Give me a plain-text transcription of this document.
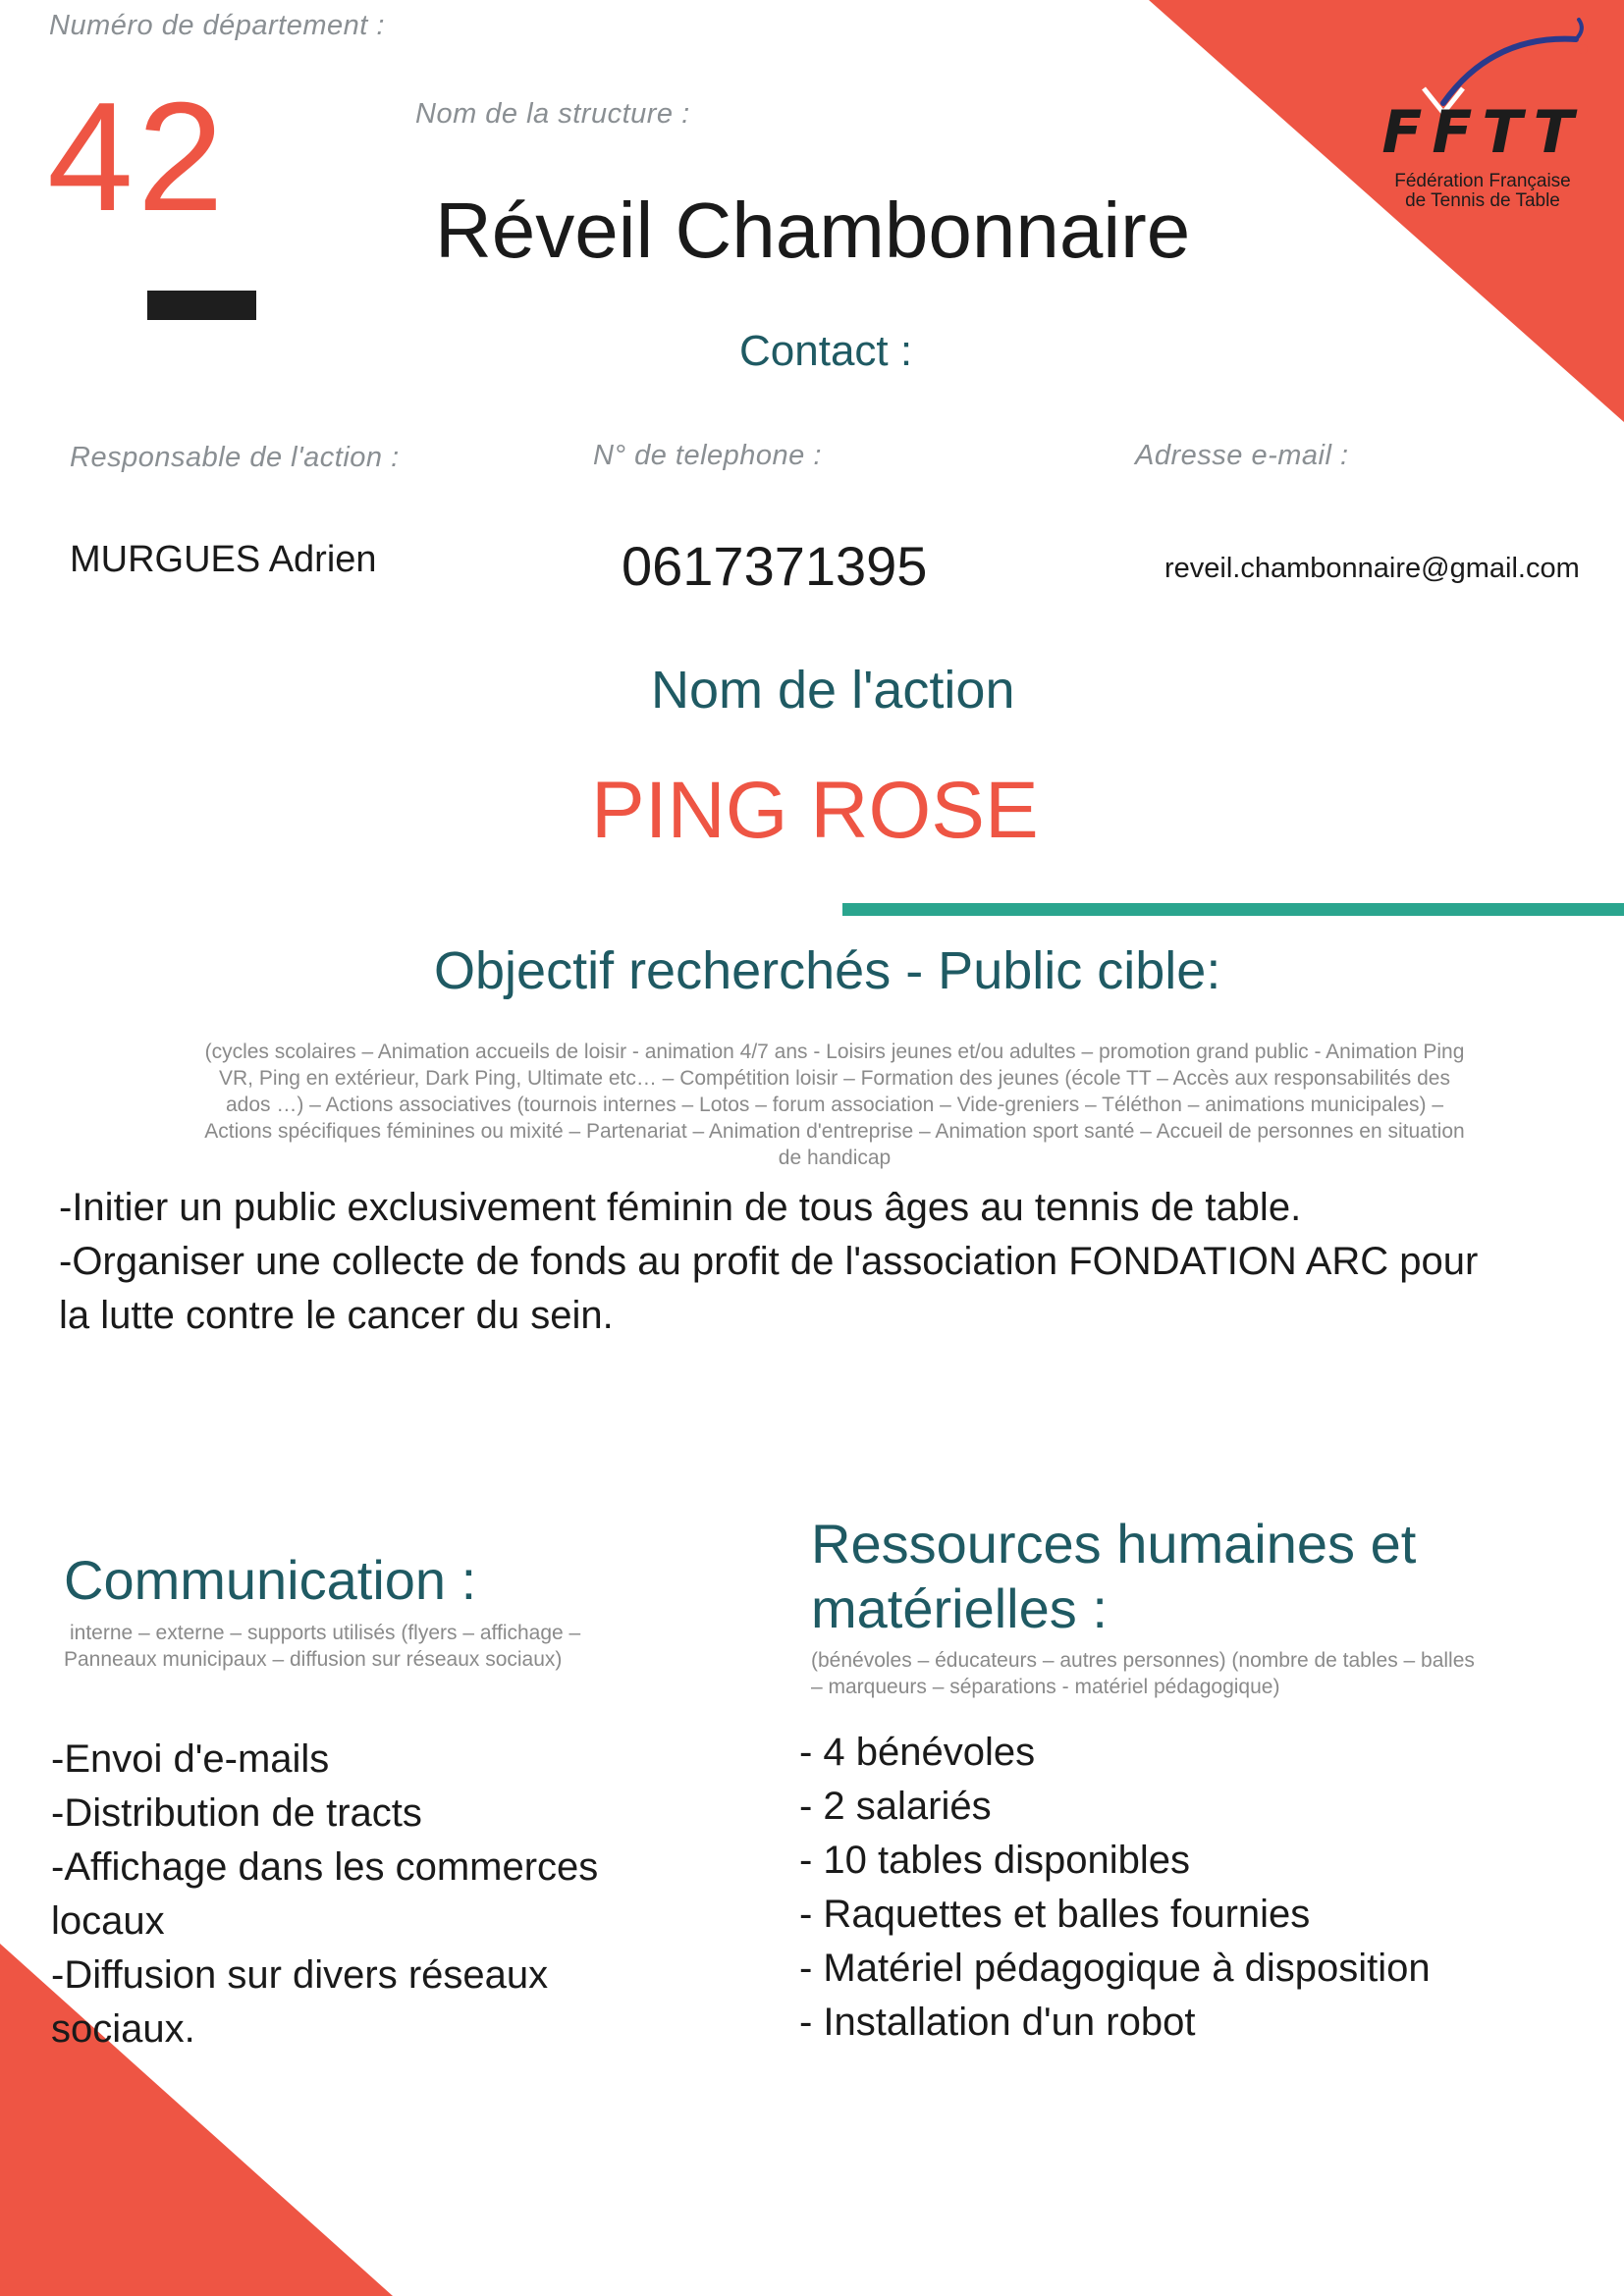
FFTT
Fédération Française
de Tennis de Table
Numéro de département :
42	Nom de la structure :
Réveil Chambonnaire
Contact :
Responsable de l'action :	N° de telephone :	Adresse e-mail :
MURGUES Adrien	0617371395	reveil.chambonnaire@gmail.com
Nom de l'action
PING ROSE
Objectif recherchés - Public cible:
(cycles scolaires – Animation accueils de loisir - animation 4/7 ans - Loisirs jeunes et/ou adultes – promotion grand public - Animation Ping
VR, Ping en extérieur, Dark Ping, Ultimate etc… – Compétition loisir – Formation des jeunes (école TT – Accès aux responsabilités des
ados …) – Actions associatives (tournois internes – Lotos – forum association – Vide-greniers – Téléthon – animations municipales) –
Actions spécifiques féminines ou mixité – Partenariat – Animation d'entreprise – Animation sport santé – Accueil de personnes en situation
de handicap
-Initier un public exclusivement féminin de tous âges au tennis de table.
-Organiser une collecte de fonds au profit de l'association FONDATION ARC pour
la lutte contre le cancer du sein.
Communication :
interne – externe – supports utilisés (flyers – affichage –
Panneaux municipaux – diffusion sur réseaux sociaux)
-Envoi d'e-mails
-Distribution de tracts
-Affichage dans les commerces
locaux
-Diffusion sur divers réseaux
sociaux.
Ressources humaines et
matérielles :
(bénévoles – éducateurs – autres personnes) (nombre de tables – balles
– marqueurs – séparations - matériel pédagogique)
- 4 bénévoles
- 2 salariés
- 10 tables disponibles
- Raquettes et balles fournies
- Matériel pédagogique à disposition
- Installation d'un robot
